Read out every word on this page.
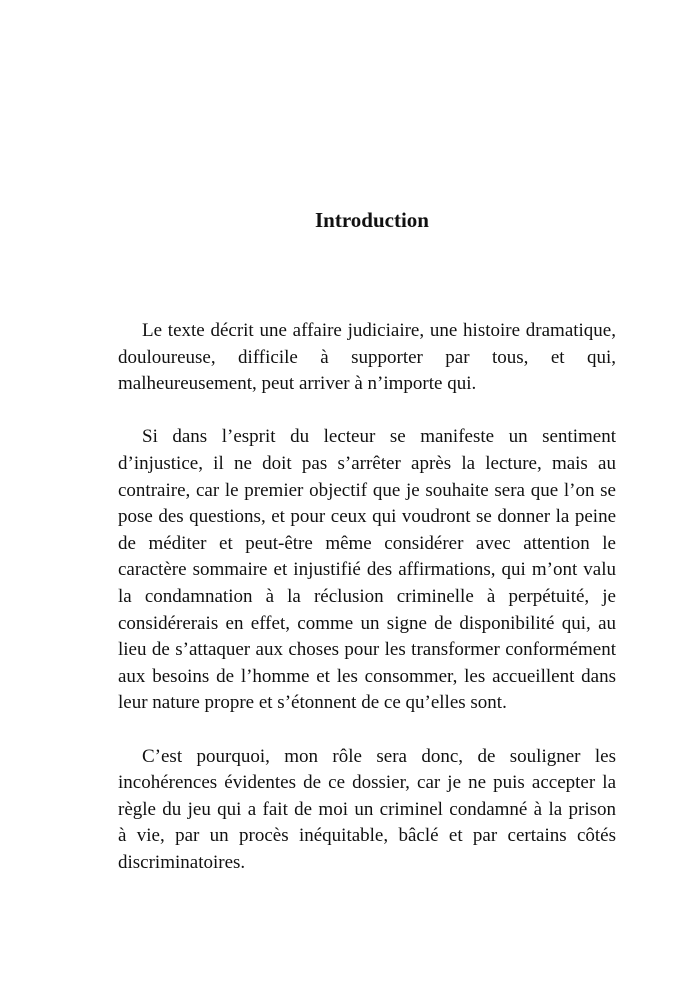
Introduction
Le texte décrit une affaire judiciaire, une histoire dramatique,
douloureuse, difficile à supporter par tous, et qui,
malheureusement, peut arriver à n’importe qui.
Si dans l’esprit du lecteur se manifeste un sentiment
d’injustice, il ne doit pas s’arrêter après la lecture, mais au
contraire, car le premier objectif que je souhaite sera que l’on se
pose des questions, et pour ceux qui voudront se donner la peine
de méditer et peut-être même considérer avec attention le
caractère sommaire et injustifié des affirmations, qui m’ont valu
la condamnation à la réclusion criminelle à perpétuité, je
considérerais en effet, comme un signe de disponibilité qui, au
lieu de s’attaquer aux choses pour les transformer conformément
aux besoins de l’homme et les consommer, les accueillent dans
leur nature propre et s’étonnent de ce qu’elles sont.
C’est pourquoi, mon rôle sera donc, de souligner les
incohérences évidentes de ce dossier, car je ne puis accepter la
règle du jeu qui a fait de moi un criminel condamné à la prison
à vie, par un procès inéquitable, bâclé et par certains côtés
discriminatoires.
